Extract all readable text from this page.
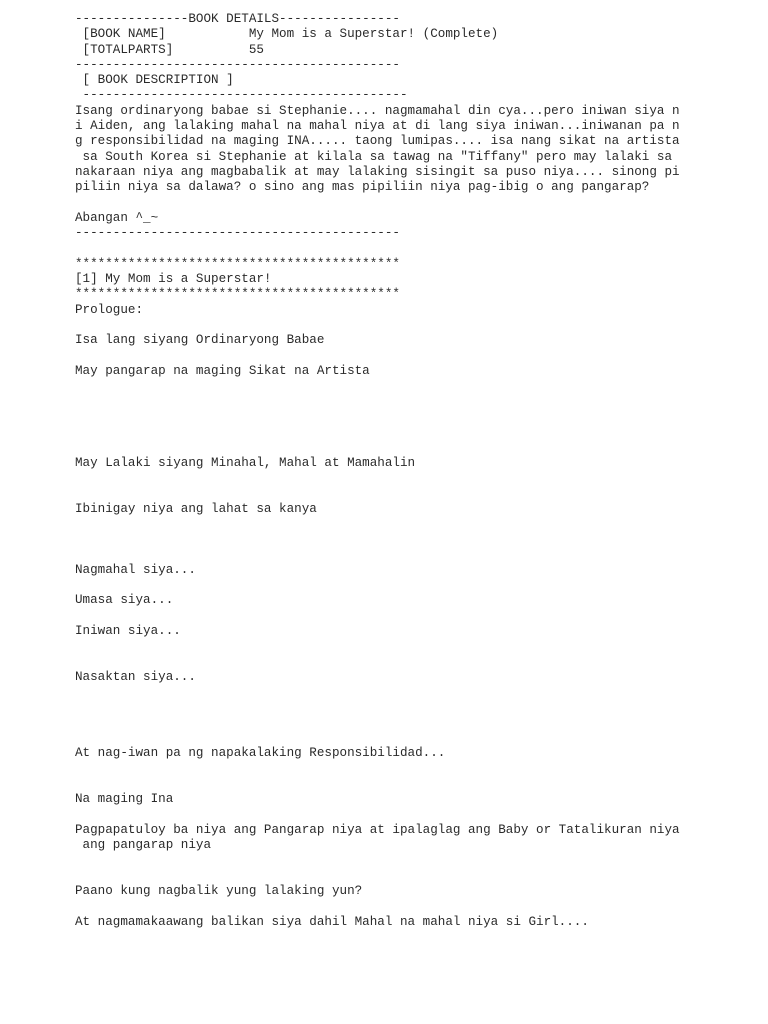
---------------BOOK DETAILS----------------
[BOOK NAME]           My Mom is a Superstar! (Complete)
[TOTALPARTS]          55
-------------------------------------------
[ BOOK DESCRIPTION ]
-------------------------------------------
Isang ordinaryong babae si Stephanie.... nagmamahal din cya...pero iniwan siya n
i Aiden, ang lalaking mahal na mahal niya at di lang siya iniwan...iniwanan pa n
g responsibilidad na maging INA..... taong lumipas.... isa nang sikat na artista
sa South Korea si Stephanie at kilala sa tawag na "Tiffany" pero may lalaki sa
nakaraan niya ang magbabalik at may lalaking sisingit sa puso niya.... sinong pi
piliin niya sa dalawa? o sino ang mas pipiliin niya pag-ibig o ang pangarap?
Abangan ^_~
-------------------------------------------
*******************************************
[1] My Mom is a Superstar!
*******************************************
Prologue:
Isa lang siyang Ordinaryong Babae
May pangarap na maging Sikat na Artista
May Lalaki siyang Minahal, Mahal at Mamahalin
Ibinigay niya ang lahat sa kanya
Nagmahal siya...
Umasa siya...
Iniwan siya...
Nasaktan siya...
At nag-iwan pa ng napakalaking Responsibilidad...
Na maging Ina
Pagpapatuloy ba niya ang Pangarap niya at ipalaglag ang Baby or Tatalikuran niya
ang pangarap niya
Paano kung nagbalik yung lalaking yun?
At nagmamakaawang balikan siya dahil Mahal na mahal niya si Girl....
